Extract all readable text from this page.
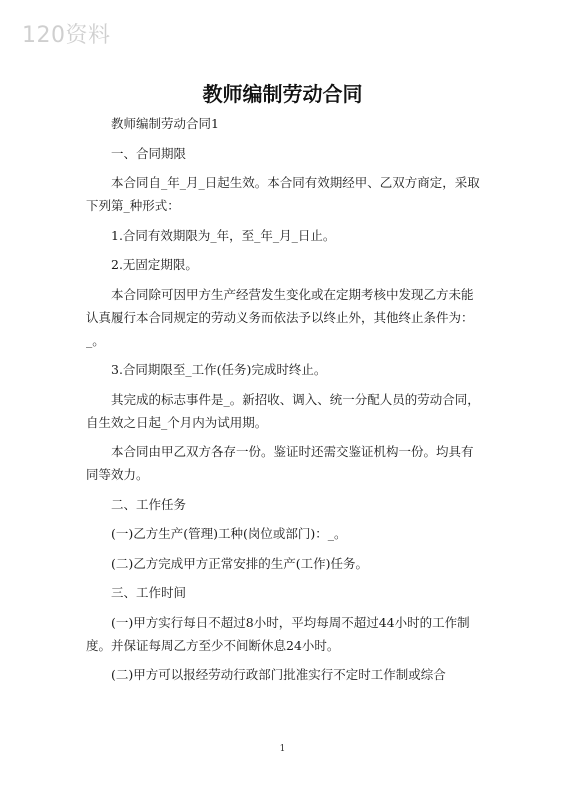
120资料
教师编制劳动合同

教师编制劳动合同1

一、合同期限

本合同自_年_月_日起生效。本合同有效期经甲、乙双方商定，采取下列第_种形式：

1.合同有效期限为_年，至_年_月_日止。

2.无固定期限。

本合同除可因甲方生产经营发生变化或在定期考核中发现乙方未能认真履行本合同规定的劳动义务而依法予以终止外，其他终止条件为：_。

3.合同期限至_工作(任务)完成时终止。

其完成的标志事件是_。新招收、调入、统一分配人员的劳动合同，自生效之日起_个月内为试用期。

本合同由甲乙双方各存一份。鉴证时还需交鉴证机构一份。均具有同等效力。

二、工作任务

(一)乙方生产(管理)工种(岗位或部门)：_。

(二)乙方完成甲方正常安排的生产(工作)任务。

三、工作时间

(一)甲方实行每日不超过8小时，平均每周不超过44小时的工作制度。并保证每周乙方至少不间断休息24小时。

(二)甲方可以报经劳动行政部门批准实行不定时工作制或综合

1
